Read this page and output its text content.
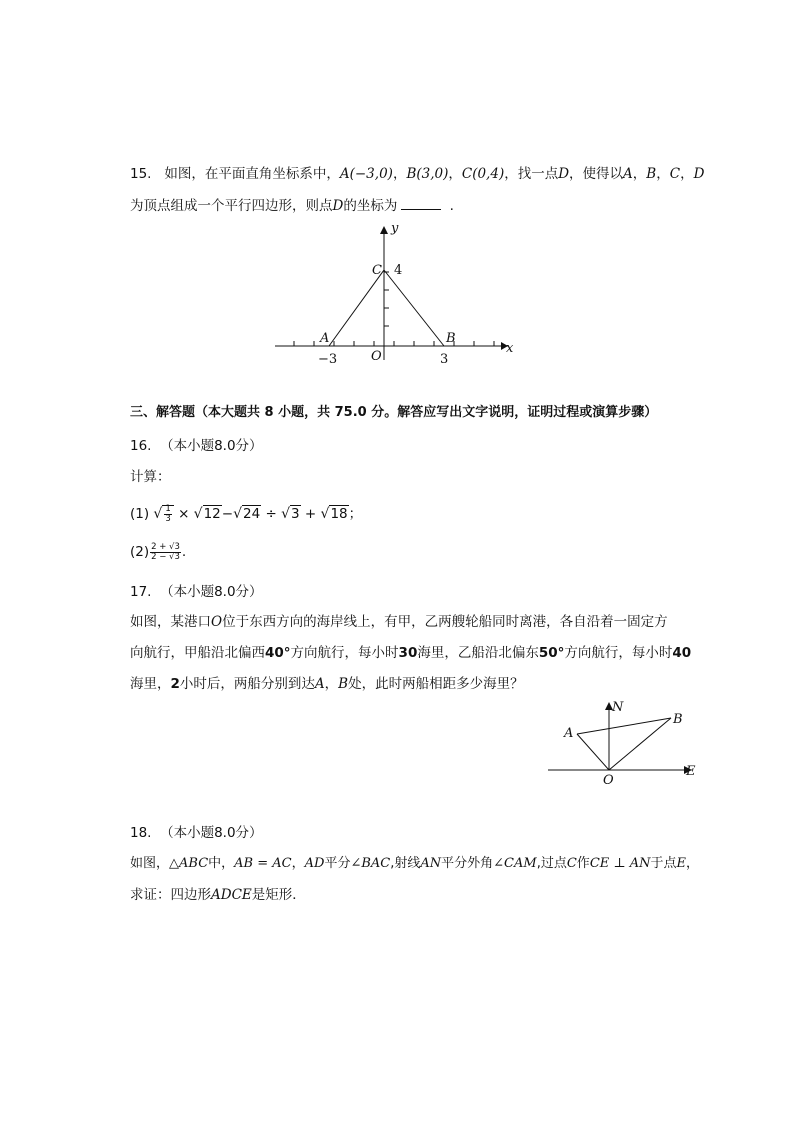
15. 如图，在平面直角坐标系中，A(−3,0)，B(3,0)，C(0,4)，找一点D，使得以A，B，C，D
为顶点组成一个平行四边形，则点D的坐标为	.
y
x
C 4
A	B
O
−3	3
三、解答题（本大题共 8 小题，共 75.0 分。解答应写出文字说明，证明过程或演算步骤）
16. （本小题8.0分）
计算：
(1) √ $\frac{1}{3} \times √12-√24 \div √3 + √18$；
$(2) \frac{2 + √3}{2 - √3}$ .
17. （本小题8.0分）
如图，某港口O位于东西方向的海岸线上，有甲，乙两艘轮船同时离港，各自沿着一固定方
向航行，甲船沿北偏西40°方向航行，每小时30海里，乙船沿北偏东50°方向航行，每小时40
海里，2小时后，两船分别到达A，B处，此时两船相距多少海里？
N
A
B
E
O
18. （本小题8.0分）
如图，△ABC中，AB = AC，AD平分∠BAC,射线AN平分外角∠CAM,过点C作CE ⊥ AN于点E，
求证：四边形ADCE是矩形．
